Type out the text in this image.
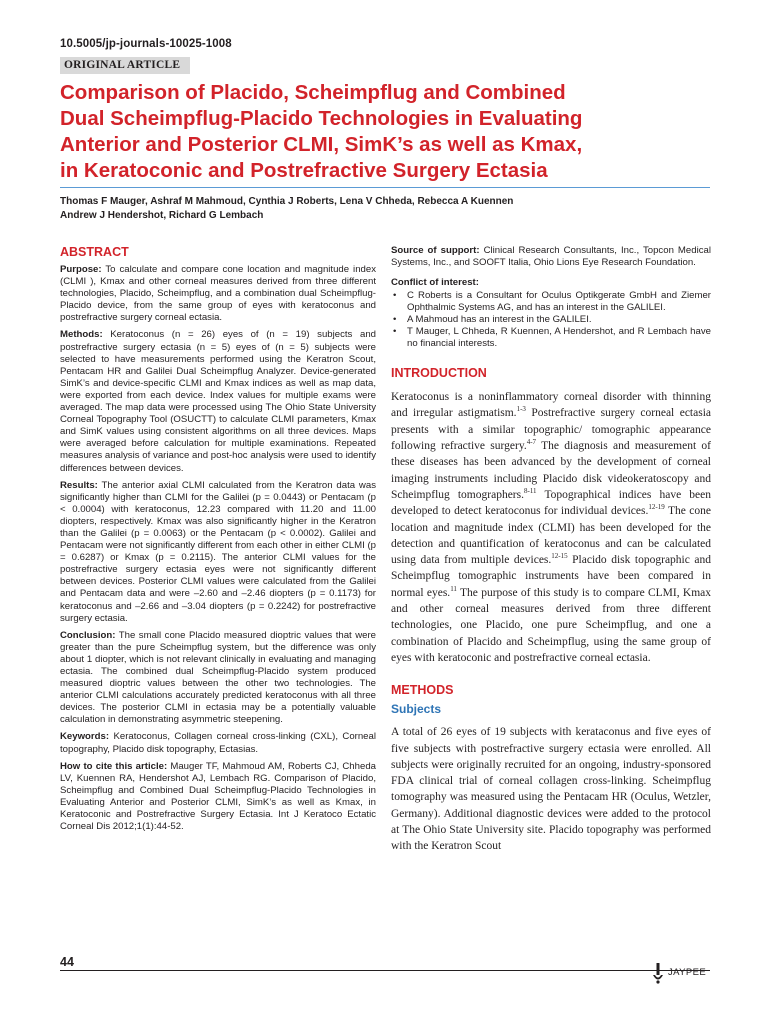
10.5005/jp-journals-10025-1008
ORIGINAL ARTICLE
Comparison of Placido, Scheimpflug and Combined
Dual Scheimpflug-Placido Technologies in Evaluating
Anterior and Posterior CLMI, SimK’s as well as Kmax,
in Keratoconic and Postrefractive Surgery Ectasia
Thomas F Mauger, Ashraf M Mahmoud, Cynthia J Roberts, Lena V Chheda, Rebecca A Kuennen
Andrew J Hendershot, Richard G Lembach
ABSTRACT

Purpose: To calculate and compare cone location and magnitude index (CLMI ), Kmax and other corneal measures derived from three different technologies, Placido, Scheimpflug, and a combination dual Scheimpflug-Placido device, from the same group of eyes with keratoconus and postrefractive surgery corneal ectasia.

Methods: Keratoconus (n = 26) eyes of (n = 19) subjects and postrefractive surgery ectasia (n = 5) eyes of (n = 5) subjects were selected to have measurements performed using the Keratron Scout, Pentacam HR and Galilei Dual Scheimpflug Analyzer. Device-generated SimK’s and device-specific CLMI and Kmax indices as well as map data, were exported from each device. Index values for multiple exams were averaged. The map data were processed using The Ohio State University Corneal Topography Tool (OSUCTT) to calculate CLMI parameters, Kmax and SimK values using consistent algorithms on all three devices. Maps were averaged before calculation for multiple examinations. Repeated measures analysis of variance and post-hoc analysis were used to identify differences between devices.

Results: The anterior axial CLMI calculated from the Keratron data was significantly higher than CLMI for the Galilei (p = 0.0443) or Pentacam (p < 0.0004) with keratoconus, 12.23 compared with 11.20 and 11.00 diopters, respectively. Kmax was also significantly higher in the Keratron than the Galilei (p = 0.0063) or the Pentacam (p < 0.0002). Galilei and Pentacam were not significantly different from each other in either CLMI (p = 0.6287) or Kmax (p = 0.2115). The anterior CLMI values for the postrefractive surgery ectasia eyes were not significantly different between devices. Posterior CLMI values were calculated from the Galilei and Pentacam data and were –2.60 and –2.46 diopters (p = 0.1173) for keratoconus and –2.66 and –3.04 diopters (p = 0.2242) for postrefractive surgery ectasia.

Conclusion: The small cone Placido measured dioptric values that were greater than the pure Scheimpflug system, but the difference was only about 1 diopter, which is not relevant clinically in evaluating and managing ectasia. The combined dual Scheimpflug-Placido system produced measured dioptric values between the other two technologies. The anterior CLMI calculations accurately predicted keratoconus with all three devices. The posterior CLMI in ectasia may be a potentially valuable calculation in demonstrating asymmetric steepening.

Keywords: Keratoconus, Collagen corneal cross-linking (CXL), Corneal topography, Placido disk topography, Ectasias.

How to cite this article: Mauger TF, Mahmoud AM, Roberts CJ, Chheda LV, Kuennen RA, Hendershot AJ, Lembach RG. Comparison of Placido, Scheimpflug and Combined Dual Scheimpflug-Placido Technologies in Evaluating Anterior and Posterior CLMI, SimK’s as well as Kmax, in Keratoconic and Postrefractive Surgery Ectasia. Int J Keratoco Ectatic Corneal Dis 2012;1(1):44-52.

Source of support: Clinical Research Consultants, Inc., Topcon Medical Systems, Inc., and SOOFT Italia, Ohio Lions Eye Research Foundation.

Conflict of interest:
• C Roberts is a Consultant for Oculus Optikgerate GmbH and Ziemer Ophthalmic Systems AG, and has an interest in the GALILEI.
• A Mahmoud has an interest in the GALILEI.
• T Mauger, L Chheda, R Kuennen, A Hendershot, and R Lembach have no financial interests.
INTRODUCTION

Keratoconus is a noninflammatory corneal disorder with thinning and irregular astigmatism.$^{1-3}$ Postrefractive surgery corneal ectasia presents with a similar topographic/ tomographic appearance following refractive surgery.$^{4-7}$ The diagnosis and measurement of these diseases has been advanced by the development of corneal imaging instruments including Placido disk videokeratoscopy and Scheimpflug tomographers.$^{8-11}$ Topographical indices have been developed to detect keratoconus for individual devices.$^{12-19}$ The cone location and magnitude index (CLMI) has been developed for the detection and quantification of keratoconus and can be calculated using data from multiple devices.$^{12-15}$ Placido disk topographic and Scheimpflug tomographic instruments have been compared in normal eyes.$^{11}$ The purpose of this study is to compare CLMI, Kmax and other corneal measures derived from three different technologies, one Placido, one pure Scheimpflug, and one a combination of Placido and Scheimpflug, using the same group of eyes with keratoconic and postrefractive corneal ectasia.

METHODS
Subjects

A total of 26 eyes of 19 subjects with kerataconus and five eyes of five subjects with postrefractive surgery ectasia were enrolled. All subjects were originally recruited for an ongoing, industry-sponsored FDA clinical trial of corneal collagen cross-linking. Scheimpflug tomography was measured using the Pentacam HR (Oculus, Wetzler, Germany). Additional diagnostic devices were added to the protocol at The Ohio State University site. Placido topography was performed with the Keratron Scout

44
JAYPEE
